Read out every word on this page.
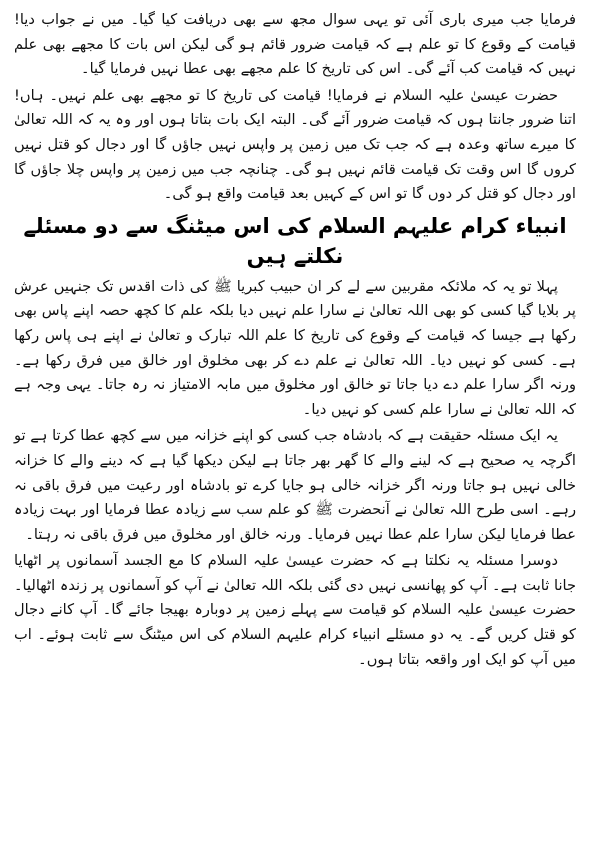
فرمایا جب میری باری آئی تو یہی سوال مجھ سے بھی دریافت کیا گیا۔ میں نے جواب دیا! قیامت کے وقوع کا تو علم ہے کہ قیامت ضرور قائم ہو گی لیکن اس بات کا مجھے بھی علم نہیں کہ قیامت کب آئے گی۔ اس کی تاریخ کا علم مجھے بھی عطا نہیں فرمایا گیا۔

حضرت عیسیٰ علیہ السلام نے فرمایا! قیامت کی تاریخ کا تو مجھے بھی علم نہیں۔ ہاں! اتنا ضرور جانتا ہوں کہ قیامت ضرور آئے گی۔ البتہ ایک بات بتاتا ہوں اور وہ یہ کہ اللہ تعالیٰ کا میرے ساتھ وعدہ ہے کہ جب تک میں زمین پر واپس نہیں جاؤں گا اور دجال کو قتل نہیں کروں گا اس وقت تک قیامت قائم نہیں ہو گی۔ چنانچہ جب میں زمین پر واپس چلا جاؤں گا اور دجال کو قتل کر دوں گا تو اس کے کہیں بعد قیامت واقع ہو گی۔

انبیاء کرام علیہم السلام کی اس میٹنگ سے دو مسئلے نکلتے ہیں

پہلا تو یہ کہ ملائکہ مقربین سے لے کر ان حبیب کبریا ﷺ کی ذات اقدس تک جنہیں عرش پر بلایا گیا کسی کو بھی اللہ تعالیٰ نے سارا علم نہیں دیا بلکہ علم کا کچھ حصہ اپنے پاس بھی رکھا ہے جیسا کہ قیامت کے وقوع کی تاریخ کا علم اللہ تبارک و تعالیٰ نے اپنے ہی پاس رکھا ہے۔ کسی کو نہیں دیا۔ اللہ تعالیٰ نے علم دے کر بھی مخلوق اور خالق میں فرق رکھا ہے۔ ورنہ اگر سارا علم دے دیا جاتا تو خالق اور مخلوق میں مابہ الامتیاز نہ رہ جاتا۔ یہی وجہ ہے کہ اللہ تعالیٰ نے سارا علم کسی کو نہیں دیا۔

یہ ایک مسئلہ حقیقت ہے کہ بادشاہ جب کسی کو اپنے خزانہ میں سے کچھ عطا کرتا ہے تو اگرچہ یہ صحیح ہے کہ لینے والے کا گھر بھر جاتا ہے لیکن دیکھا گیا ہے کہ دینے والے کا خزانہ خالی نہیں ہو جاتا ورنہ اگر خزانہ خالی ہو جایا کرے تو بادشاہ اور رعیت میں فرق باقی نہ رہے۔ اسی طرح اللہ تعالیٰ نے آنحضرت ﷺ کو علم سب سے زیادہ عطا فرمایا اور بہت زیادہ عطا فرمایا لیکن سارا علم عطا نہیں فرمایا۔ ورنہ خالق اور مخلوق میں فرق باقی نہ رہتا۔

دوسرا مسئلہ یہ نکلتا ہے کہ حضرت عیسیٰ علیہ السلام کا مع الجسد آسمانوں پر اٹھایا جانا ثابت ہے۔ آپ کو پھانسی نہیں دی گئی بلکہ اللہ تعالیٰ نے آپ کو آسمانوں پر زندہ اٹھالیا۔ حضرت عیسیٰ علیہ السلام کو قیامت سے پہلے زمین پر دوبارہ بھیجا جائے گا۔ آپ کانے دجال کو قتل کریں گے۔ یہ دو مسئلے انبیاء کرام علیہم السلام کی اس میٹنگ سے ثابت ہوئے۔ اب میں آپ کو ایک اور واقعہ بتاتا ہوں۔
